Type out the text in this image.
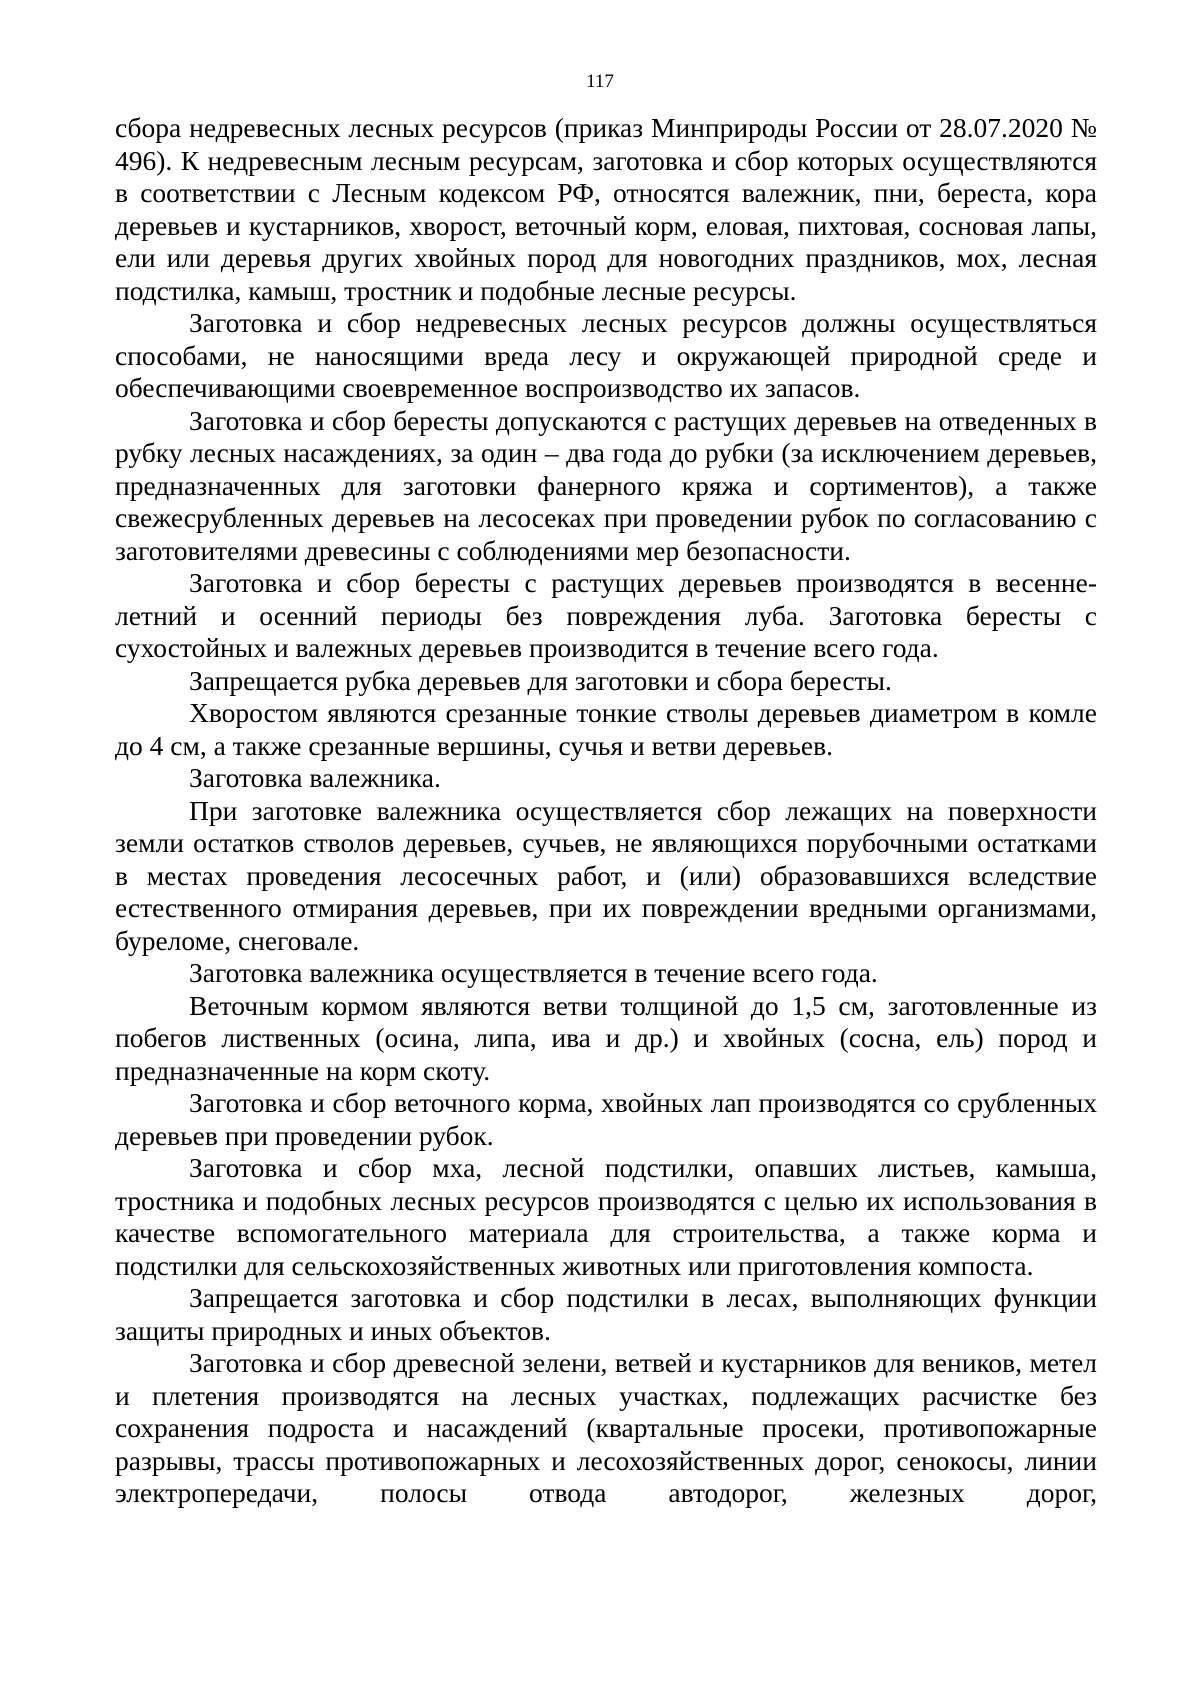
117

сбора недревесных лесных ресурсов (приказ Минприроды России от 28.07.2020 № 496). К недревесным лесным ресурсам, заготовка и сбор которых осуществляются в соответствии с Лесным кодексом РФ, относятся валежник, пни, береста, кора деревьев и кустарников, хворост, веточный корм, еловая, пихтовая, сосновая лапы, ели или деревья других хвойных пород для новогодних праздников, мох, лесная подстилка, камыш, тростник и подобные лесные ресурсы.

Заготовка и сбор недревесных лесных ресурсов должны осуществляться способами, не наносящими вреда лесу и окружающей природной среде и обеспечивающими своевременное воспроизводство их запасов.

Заготовка и сбор бересты допускаются с растущих деревьев на отведенных в рубку лесных насаждениях, за один – два года до рубки (за исключением деревьев, предназначенных для заготовки фанерного кряжа и сортиментов), а также свежесрубленных деревьев на лесосеках при проведении рубок по согласованию с заготовителями древесины с соблюдениями мер безопасности.

Заготовка и сбор бересты с растущих деревьев производятся в весеннелетний и осенний периоды без повреждения луба. Заготовка бересты с сухостойных и валежных деревьев производится в течение всего года.

Запрещается рубка деревьев для заготовки и сбора бересты.

Хворостом являются срезанные тонкие стволы деревьев диаметром в комле до 4 см, а также срезанные вершины, сучья и ветви деревьев.

Заготовка валежника.

При заготовке валежника осуществляется сбор лежащих на поверхности земли остатков стволов деревьев, сучьев, не являющихся порубочными остатками в местах проведения лесосечных работ, и (или) образовавшихся вследствие естественного отмирания деревьев, при их повреждении вредными организмами, буреломе, снеговале.

Заготовка валежника осуществляется в течение всего года.

Веточным кормом являются ветви толщиной до 1,5 см, заготовленные из побегов лиственных (осина, липа, ива и др.) и хвойных (сосна, ель) пород и предназначенные на корм скоту.

Заготовка и сбор веточного корма, хвойных лап производятся со срубленных деревьев при проведении рубок.

Заготовка и сбор мха, лесной подстилки, опавших листьев, камыша, тростника и подобных лесных ресурсов производятся с целью их использования в качестве вспомогательного материала для строительства, а также корма и подстилки для сельскохозяйственных животных или приготовления компоста.

Запрещается заготовка и сбор подстилки в лесах, выполняющих функции защиты природных и иных объектов.

Заготовка и сбор древесной зелени, ветвей и кустарников для веников, метел и плетения производятся на лесных участках, подлежащих расчистке без сохранения подроста и насаждений (квартальные просеки, противопожарные разрывы, трассы противопожарных и лесохозяйственных дорог, сенокосы, линии электропередачи, полосы отвода автодорог, железных дорог,
